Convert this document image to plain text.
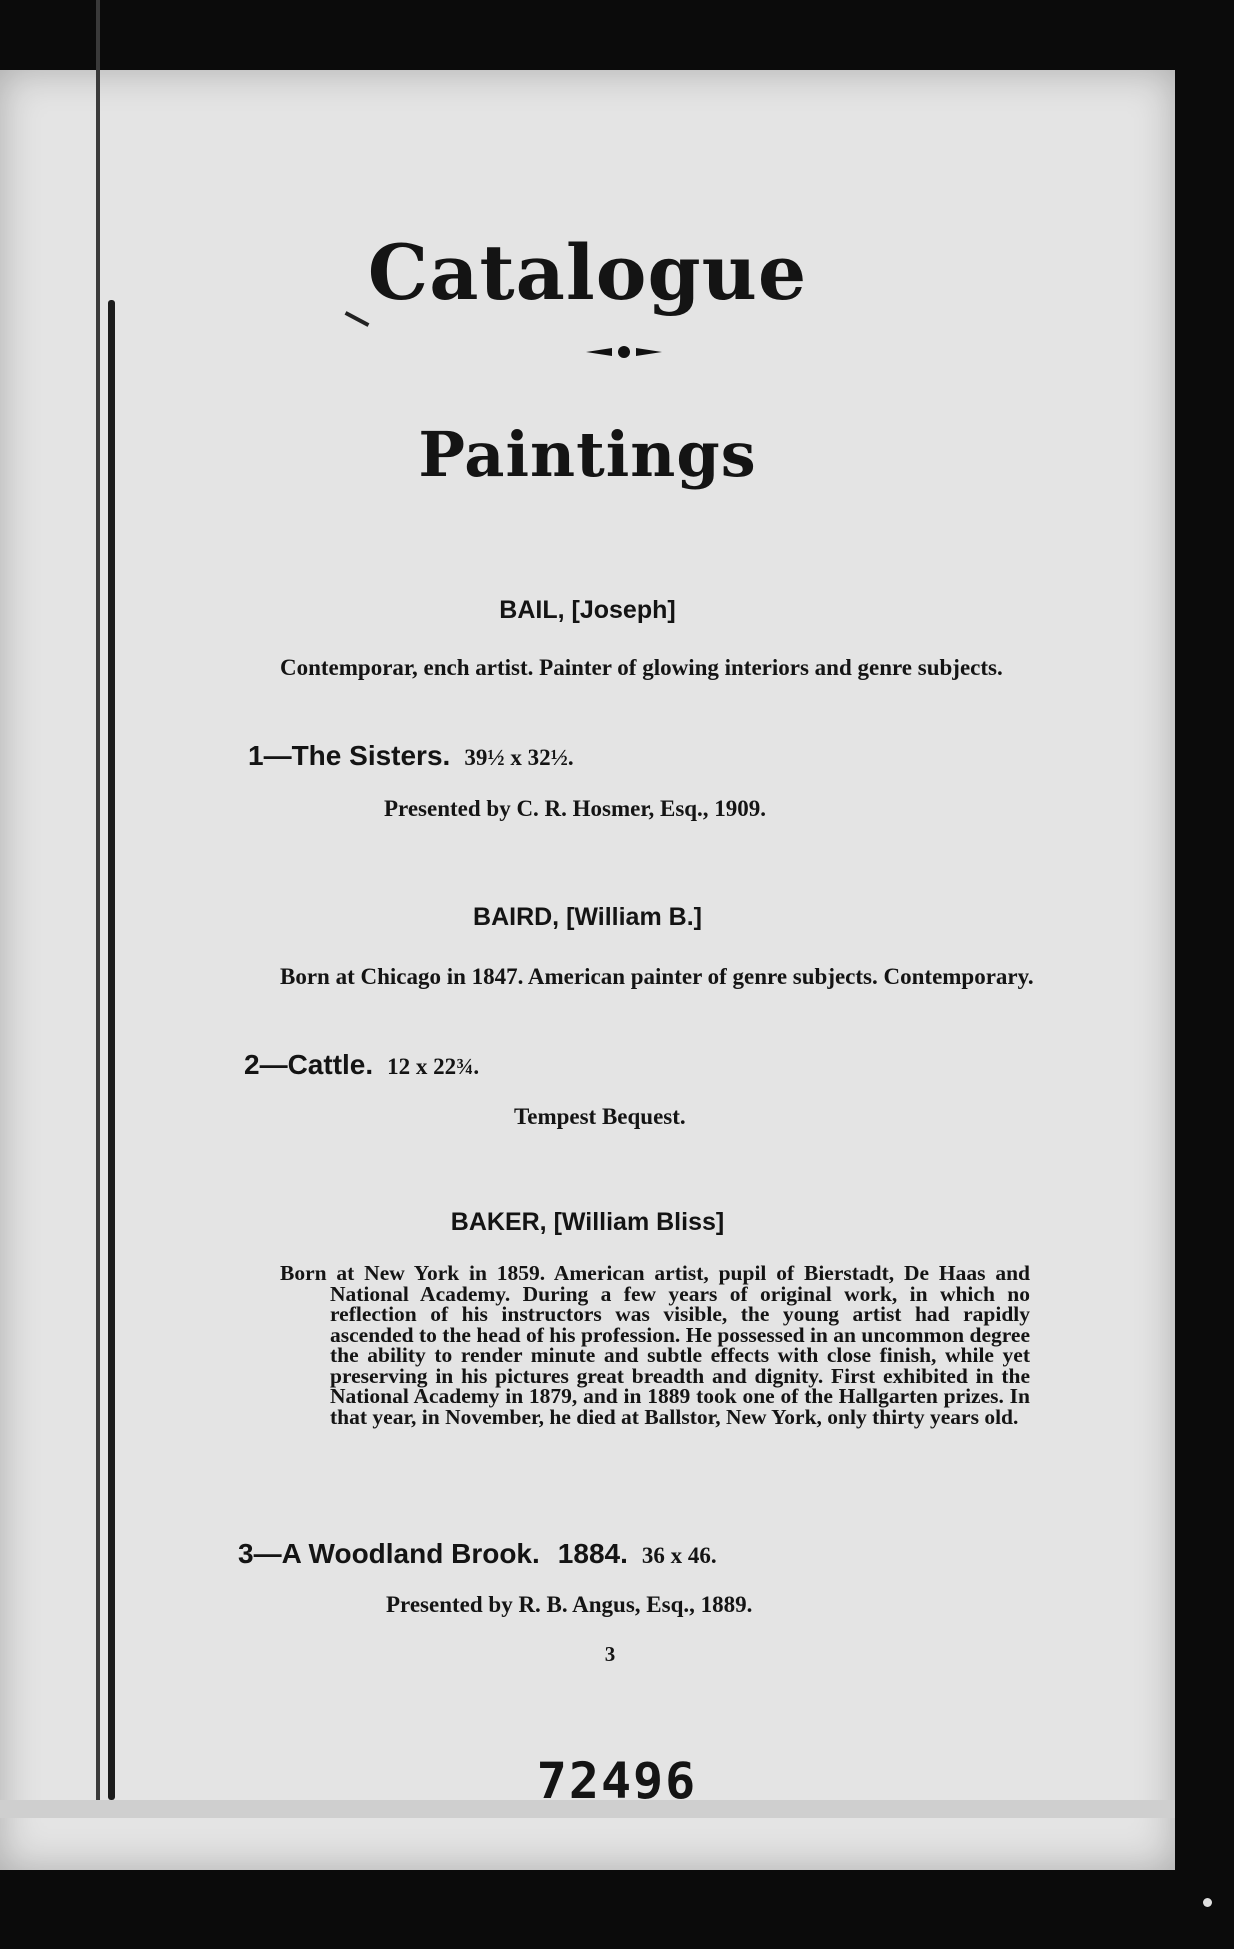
Catalogue
Paintings
BAIL, [Joseph]
Contemporar, ench artist. Painter of glowing interiors and genre subjects.
1—The Sisters. 39½ x 32½.
Presented by C. R. Hosmer, Esq., 1909.
BAIRD, [William B.]
Born at Chicago in 1847. American painter of genre subjects. Contemporary.
2—Cattle. 12 x 22¾.
Tempest Bequest.
BAKER, [William Bliss]
Born at New York in 1859. American artist, pupil of Bierstadt, De Haas and National Academy. During a few years of original work, in which no reflection of his instructors was visible, the young artist had rapidly ascended to the head of his profession. He possessed in an uncommon degree the ability to render minute and subtle effects with close finish, while yet preserving in his pictures great breadth and dignity. First exhibited in the National Academy in 1879, and in 1889 took one of the Hallgarten prizes. In that year, in November, he died at Ballstor, New York, only thirty years old.
3—A Woodland Brook. 1884. 36 x 46.
Presented by R. B. Angus, Esq., 1889.
3
72496
